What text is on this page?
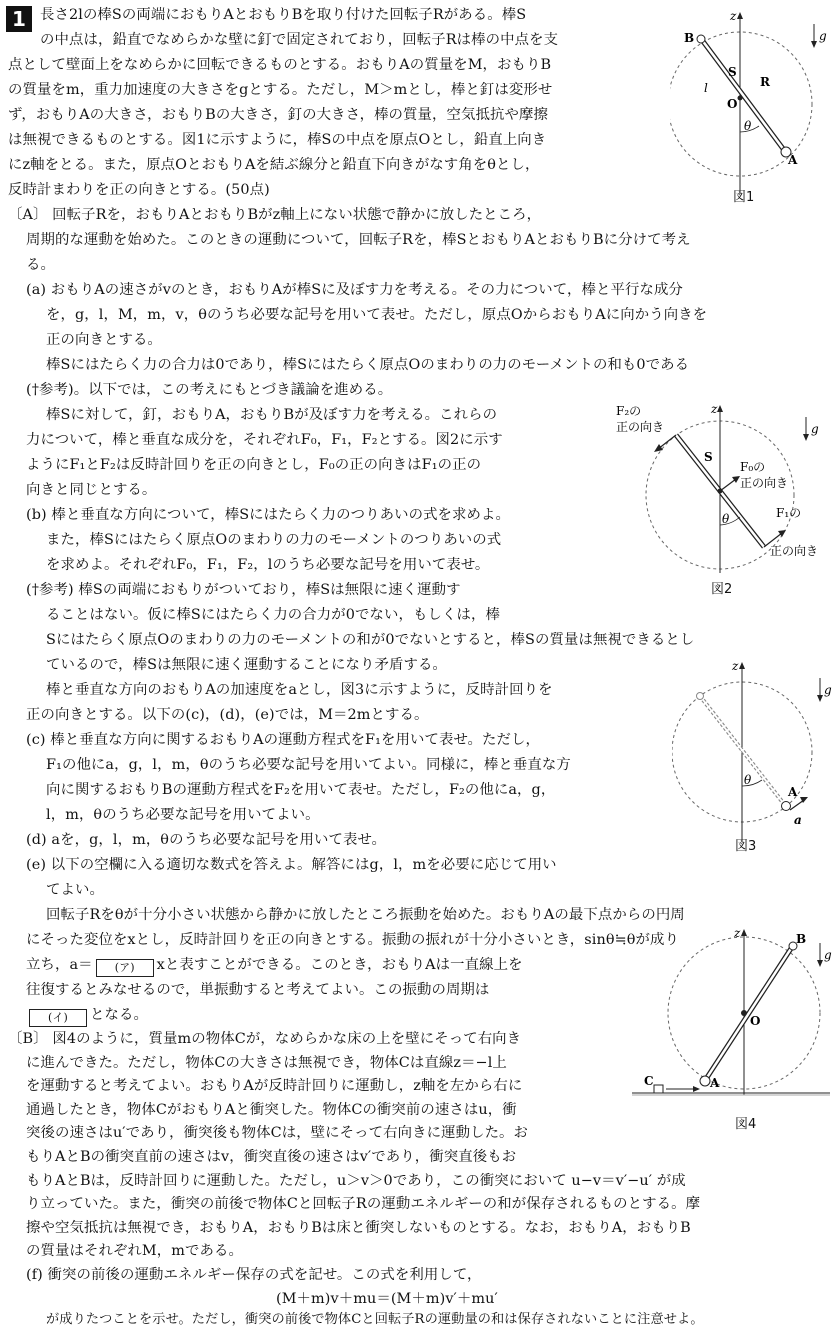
1 長さ2lの棒Sの両端におもりAとおもりBを取り付けた回転子Rがある。棒S
の中点は，鉛直でなめらかな壁に釘で固定されており，回転子Rは棒の中点を支
点として壁面上をなめらかに回転できるものとする。おもりAの質量をM，おもりB
の質量をm，重力加速度の大きさをgとする。ただし，M＞mとし，棒と釘は変形せ
ず，おもりAの大きさ，おもりBの大きさ，釘の大きさ，棒の質量，空気抵抗や摩擦
は無視できるものとする。図1に示すように，棒Sの中点を原点Oとし，鉛直上向き
にz軸をとる。また，原点OとおもりAを結ぶ線分と鉛直下向きがなす角をθとし，
反時計まわりを正の向きとする。(50点)
z
g
B
S
R
l
O
θ
A
図1
〔A〕 回転子Rを，おもりAとおもりBがz軸上にない状態で静かに放したところ，
周期的な運動を始めた。このときの運動について，回転子Rを，棒SとおもりAとおもりBに分けて考え
る。
(a) おもりAの速さがvのとき，おもりAが棒Sに及ぼす力を考える。その力について，棒と平行な成分
を，g，l，M，m，v，θのうち必要な記号を用いて表せ。ただし，原点OからおもりAに向かう向きを
正の向きとする。
棒Sにはたらく力の合力は0であり，棒Sにはたらく原点Oのまわりの力のモーメントの和も0である
(†参考)。以下では，この考えにもとづき議論を進める。
棒Sに対して，釘，おもりA，おもりBが及ぼす力を考える。これらの
力について，棒と垂直な成分を，それぞれF₀，F₁，F₂とする。図2に示す
ようにF₁とF₂は反時計回りを正の向きとし，F₀の正の向きはF₁の正の
向きと同じとする。
(b) 棒と垂直な方向について，棒Sにはたらく力のつりあいの式を求めよ。
また，棒Sにはたらく原点Oのまわりの力のモーメントのつりあいの式
を求めよ。それぞれF₀，F₁，F₂，lのうち必要な記号を用いて表せ。
(†参考) 棒Sの両端におもりがついており，棒Sは無限に速く運動す
ることはない。仮に棒Sにはたらく力の合力が0でない，もしくは，棒
Sにはたらく原点Oのまわりの力のモーメントの和が0でないとすると，棒Sの質量は無視できるとし
ているので，棒Sは無限に速く運動することになり矛盾する。
z
g
F₂の
正の向き
S
F₀の
正の向き
θ	F₁の
正の向き
図2
棒と垂直な方向のおもりAの加速度をaとし，図3に示すように，反時計回りを
正の向きとする。以下の(c)，(d)，(e)では，M＝2mとする。
(c) 棒と垂直な方向に関するおもりAの運動方程式をF₁を用いて表せ。ただし，
F₁の他にa，g，l，m，θのうち必要な記号を用いてよい。同様に，棒と垂直な方
向に関するおもりBの運動方程式をF₂を用いて表せ。ただし，F₂の他にa，g，
l，m，θのうち必要な記号を用いてよい。
(d) aを，g，l，m，θのうち必要な記号を用いて表せ。
(e) 以下の空欄に入る適切な数式を答えよ。解答にはg，l，mを必要に応じて用い
てよい。
z
g
θ
A
a
図3
回転子Rをθが十分小さい状態から静かに放したところ振動を始めた。おもりAの最下点からの円周
にそった変位をxとし，反時計回りを正の向きとする。振動の振れが十分小さいとき，sinθ≒θが成り
立ち，a＝ (ア) xと表すことができる。このとき，おもりAは一直線上を
往復するとみなせるので，単振動すると考えてよい。この振動の周期は
(イ) となる。
z
g
B
O
C	A
図4
〔B〕 図4のように，質量mの物体Cが，なめらかな床の上を壁にそって右向き
に進んできた。ただし，物体Cの大きさは無視でき，物体Cは直線z＝−l上
を運動すると考えてよい。おもりAが反時計回りに運動し，z軸を左から右に
通過したとき，物体CがおもりAと衝突した。物体Cの衝突前の速さはu，衝
突後の速さはu′であり，衝突後も物体Cは，壁にそって右向きに運動した。お
もりAとBの衝突直前の速さはv，衝突直後の速さはv′であり，衝突直後もお
もりAとBは，反時計回りに運動した。ただし，u＞v＞0であり，この衝突において u−v＝v′−u′ が成
り立っていた。また，衝突の前後で物体Cと回転子Rの運動エネルギーの和が保存されるものとする。摩
擦や空気抵抗は無視でき，おもりA，おもりBは床と衝突しないものとする。なお，おもりA，おもりB
の質量はそれぞれM，mである。
(f) 衝突の前後の運動エネルギー保存の式を記せ。この式を利用して，
(M＋m)v＋mu＝(M＋m)v′＋mu′
が成りたつことを示せ。ただし，衝突の前後で物体Cと回転子Rの運動量の和は保存されないことに注意せよ。
